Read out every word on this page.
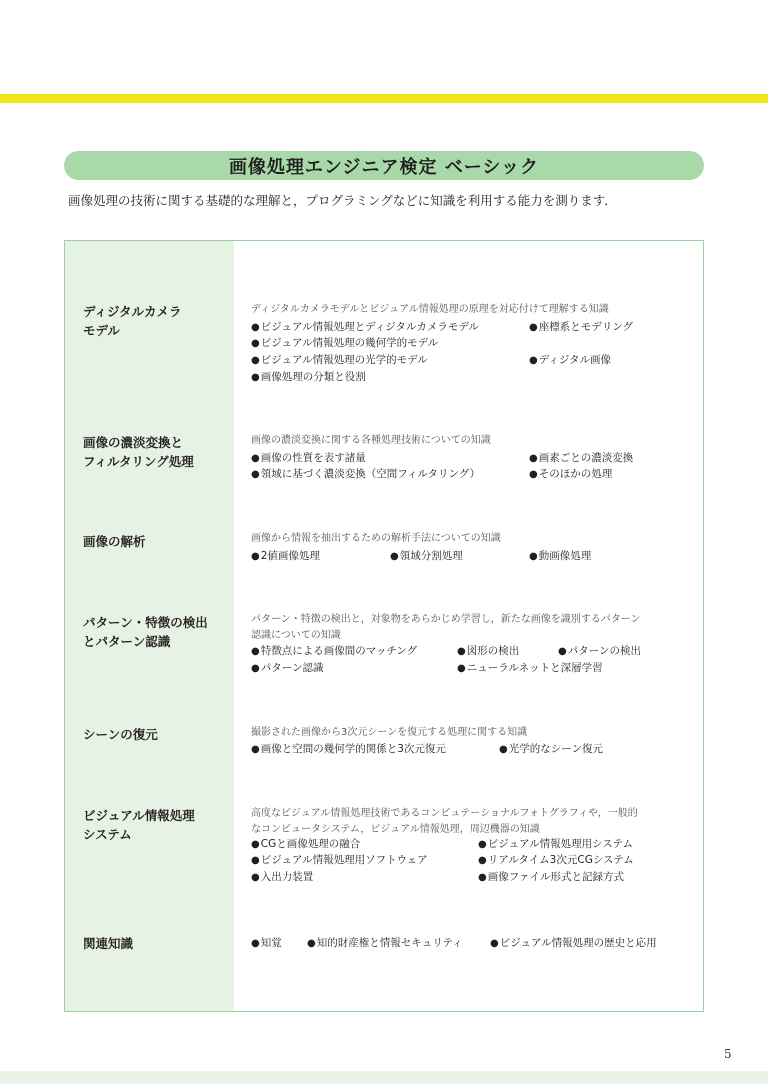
画像処理エンジニア検定 ベーシック
画像処理の技術に関する基礎的な理解と，プログラミングなどに知識を利用する能力を測ります．
ディジタルカメラ
モデル
ディジタルカメラモデルとビジュアル情報処理の原理を対応付けて理解する知識
●ビジュアル情報処理とディジタルカメラモデル	●座標系とモデリング
●ビジュアル情報処理の幾何学的モデル
●ビジュアル情報処理の光学的モデル	●ディジタル画像
●画像処理の分類と役割
画像の濃淡変換と
フィルタリング処理
画像の濃淡変換に関する各種処理技術についての知識
●画像の性質を表す諸量	●画素ごとの濃淡変換
●領域に基づく濃淡変換（空間フィルタリング）	●そのほかの処理
画像の解析	画像から情報を抽出するための解析手法についての知識
●2値画像処理	●領域分割処理	●動画像処理
パターン・特徴の検出
とパターン認識
パターン・特徴の検出と，対象物をあらかじめ学習し，新たな画像を識別するパターン
認識についての知識
●特徴点による画像間のマッチング	●図形の検出	●パターンの検出
●パターン認識	●ニューラルネットと深層学習
シーンの復元	撮影された画像から3次元シーンを復元する処理に関する知識
●画像と空間の幾何学的関係と3次元復元	●光学的なシーン復元
ビジュアル情報処理
システム
高度なビジュアル情報処理技術であるコンピュテーショナルフォトグラフィや，一般的
なコンピュータシステム，ビジュアル情報処理，周辺機器の知識
●CGと画像処理の融合	●ビジュアル情報処理用システム
●ビジュアル情報処理用ソフトウェア	●リアルタイム3次元CGシステム
●入出力装置	●画像ファイル形式と記録方式
関連知識	●知覚	●知的財産権と情報セキュリティ	●ビジュアル情報処理の歴史と応用
5
